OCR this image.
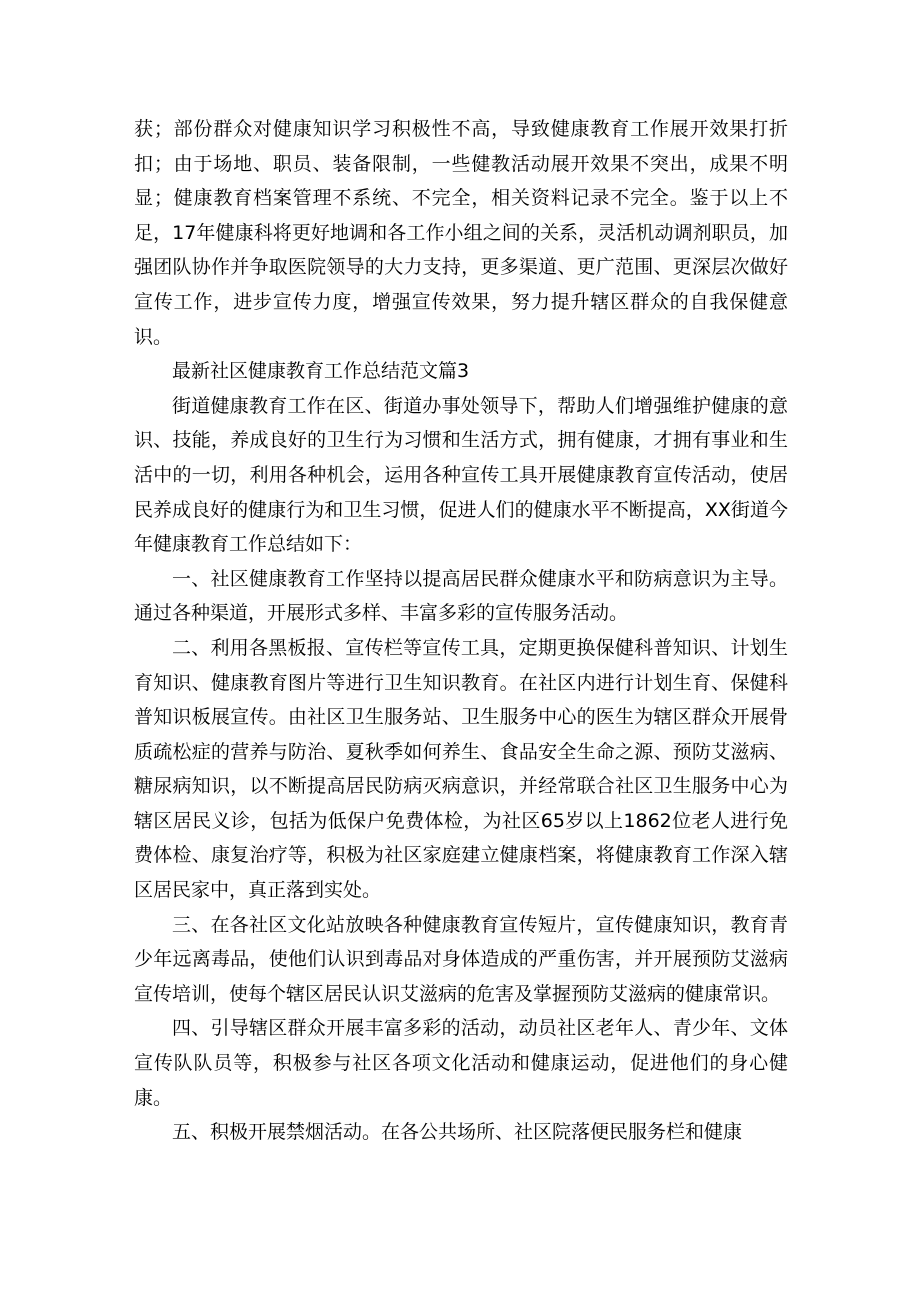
获；部份群众对健康知识学习积极性不高，导致健康教育工作展开效果打折扣；由于场地、职员、装备限制，一些健教活动展开效果不突出，成果不明显；健康教育档案管理不系统、不完全，相关资料记录不完全。鉴于以上不足，17年健康科将更好地调和各工作小组之间的关系，灵活机动调剂职员，加强团队协作并争取医院领导的大力支持，更多渠道、更广范围、更深层次做好宣传工作，进步宣传力度，增强宣传效果，努力提升辖区群众的自我保健意识。

最新社区健康教育工作总结范文篇3

街道健康教育工作在区、街道办事处领导下，帮助人们增强维护健康的意识、技能，养成良好的卫生行为习惯和生活方式，拥有健康，才拥有事业和生活中的一切，利用各种机会，运用各种宣传工具开展健康教育宣传活动，使居民养成良好的健康行为和卫生习惯，促进人们的健康水平不断提高，XX街道今年健康教育工作总结如下：

一、社区健康教育工作坚持以提高居民群众健康水平和防病意识为主导。通过各种渠道，开展形式多样、丰富多彩的宣传服务活动。

二、利用各黑板报、宣传栏等宣传工具，定期更换保健科普知识、计划生育知识、健康教育图片等进行卫生知识教育。在社区内进行计划生育、保健科普知识板展宣传。由社区卫生服务站、卫生服务中心的医生为辖区群众开展骨质疏松症的营养与防治、夏秋季如何养生、食品安全生命之源、预防艾滋病、糖尿病知识，以不断提高居民防病灭病意识，并经常联合社区卫生服务中心为辖区居民义诊，包括为低保户免费体检，为社区65岁以上1862位老人进行免费体检、康复治疗等，积极为社区家庭建立健康档案，将健康教育工作深入辖区居民家中，真正落到实处。

三、在各社区文化站放映各种健康教育宣传短片，宣传健康知识，教育青少年远离毒品，使他们认识到毒品对身体造成的严重伤害，并开展预防艾滋病宣传培训，使每个辖区居民认识艾滋病的危害及掌握预防艾滋病的健康常识。

四、引导辖区群众开展丰富多彩的活动，动员社区老年人、青少年、文体宣传队队员等，积极参与社区各项文化活动和健康运动，促进他们的身心健康。

五、积极开展禁烟活动。在各公共场所、社区院落便民服务栏和健康
